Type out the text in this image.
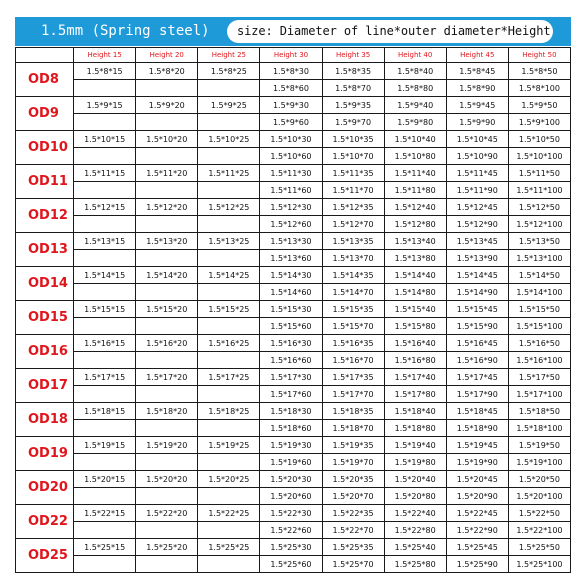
1.5mm (Spring steel) size: Diameter of line*outer diameter*Height
	Height 15	Height 20	Height 25	Height 30	Height 35	Height 40	Height 45	Height 50
OD8	1.5*8*15	1.5*8*20	1.5*8*25	1.5*8*30	1.5*8*35	1.5*8*40	1.5*8*45	1.5*8*50
				1.5*8*60	1.5*8*70	1.5*8*80	1.5*8*90	1.5*8*100
OD9	1.5*9*15	1.5*9*20	1.5*9*25	1.5*9*30	1.5*9*35	1.5*9*40	1.5*9*45	1.5*9*50
				1.5*9*60	1.5*9*70	1.5*9*80	1.5*9*90	1.5*9*100
OD10	1.5*10*15	1.5*10*20	1.5*10*25	1.5*10*30	1.5*10*35	1.5*10*40	1.5*10*45	1.5*10*50
				1.5*10*60	1.5*10*70	1.5*10*80	1.5*10*90	1.5*10*100
OD11	1.5*11*15	1.5*11*20	1.5*11*25	1.5*11*30	1.5*11*35	1.5*11*40	1.5*11*45	1.5*11*50
				1.5*11*60	1.5*11*70	1.5*11*80	1.5*11*90	1.5*11*100
OD12	1.5*12*15	1.5*12*20	1.5*12*25	1.5*12*30	1.5*12*35	1.5*12*40	1.5*12*45	1.5*12*50
				1.5*12*60	1.5*12*70	1.5*12*80	1.5*12*90	1.5*12*100
OD13	1.5*13*15	1.5*13*20	1.5*13*25	1.5*13*30	1.5*13*35	1.5*13*40	1.5*13*45	1.5*13*50
				1.5*13*60	1.5*13*70	1.5*13*80	1.5*13*90	1.5*13*100
OD14	1.5*14*15	1.5*14*20	1.5*14*25	1.5*14*30	1.5*14*35	1.5*14*40	1.5*14*45	1.5*14*50
				1.5*14*60	1.5*14*70	1.5*14*80	1.5*14*90	1.5*14*100
OD15	1.5*15*15	1.5*15*20	1.5*15*25	1.5*15*30	1.5*15*35	1.5*15*40	1.5*15*45	1.5*15*50
				1.5*15*60	1.5*15*70	1.5*15*80	1.5*15*90	1.5*15*100
OD16	1.5*16*15	1.5*16*20	1.5*16*25	1.5*16*30	1.5*16*35	1.5*16*40	1.5*16*45	1.5*16*50
				1.5*16*60	1.5*16*70	1.5*16*80	1.5*16*90	1.5*16*100
OD17	1.5*17*15	1.5*17*20	1.5*17*25	1.5*17*30	1.5*17*35	1.5*17*40	1.5*17*45	1.5*17*50
				1.5*17*60	1.5*17*70	1.5*17*80	1.5*17*90	1.5*17*100
OD18	1.5*18*15	1.5*18*20	1.5*18*25	1.5*18*30	1.5*18*35	1.5*18*40	1.5*18*45	1.5*18*50
				1.5*18*60	1.5*18*70	1.5*18*80	1.5*18*90	1.5*18*100
OD19	1.5*19*15	1.5*19*20	1.5*19*25	1.5*19*30	1.5*19*35	1.5*19*40	1.5*19*45	1.5*19*50
				1.5*19*60	1.5*19*70	1.5*19*80	1.5*19*90	1.5*19*100
OD20	1.5*20*15	1.5*20*20	1.5*20*25	1.5*20*30	1.5*20*35	1.5*20*40	1.5*20*45	1.5*20*50
				1.5*20*60	1.5*20*70	1.5*20*80	1.5*20*90	1.5*20*100
OD22	1.5*22*15	1.5*22*20	1.5*22*25	1.5*22*30	1.5*22*35	1.5*22*40	1.5*22*45	1.5*22*50
				1.5*22*60	1.5*22*70	1.5*22*80	1.5*22*90	1.5*22*100
OD25	1.5*25*15	1.5*25*20	1.5*25*25	1.5*25*30	1.5*25*35	1.5*25*40	1.5*25*45	1.5*25*50
				1.5*25*60	1.5*25*70	1.5*25*80	1.5*25*90	1.5*25*100
